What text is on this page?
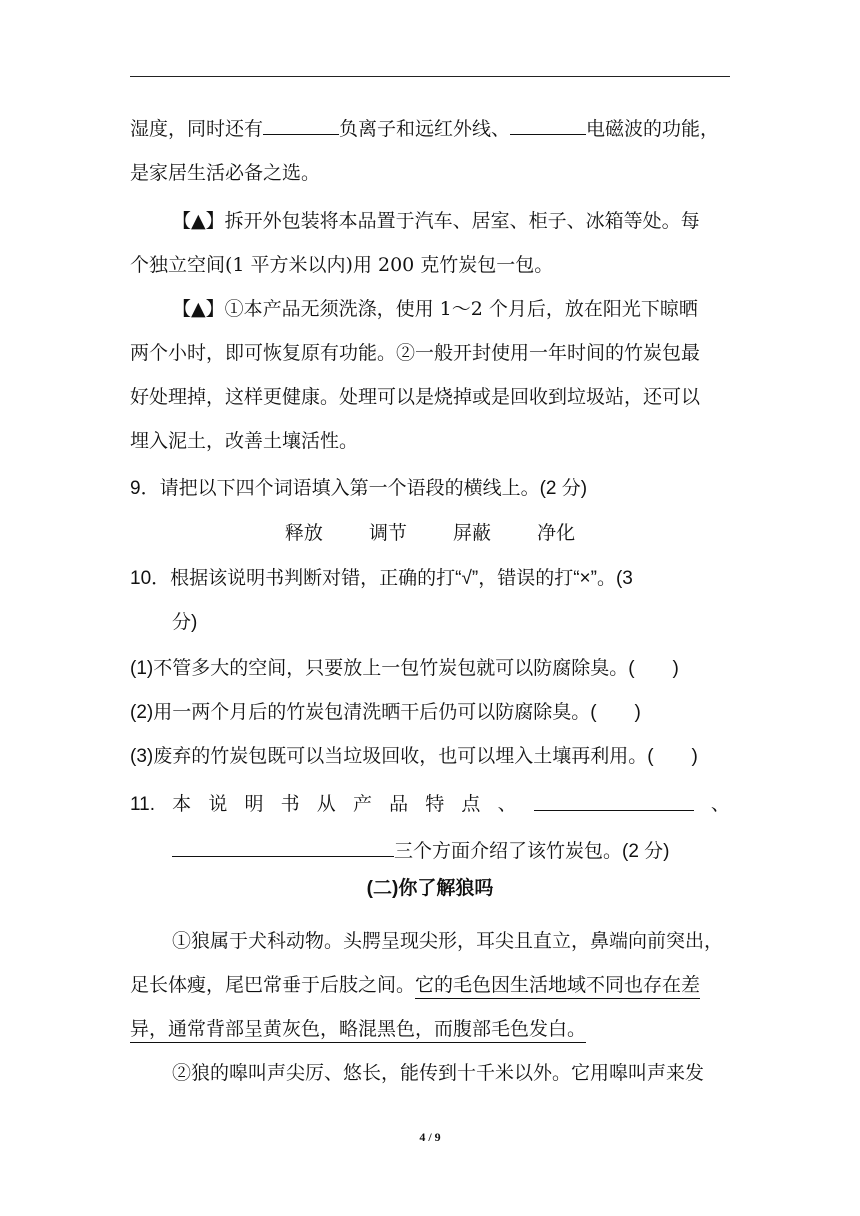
湿度，同时还有	负离子和远红外线、	电磁波的功能，
是家居生活必备之选。
【▲】拆开外包装将本品置于汽车、居室、柜子、冰箱等处。每
个独立空间(1 平方米以内)用 200 克竹炭包一包。
【▲】①本产品无须洗涤，使用 1～2 个月后，放在阳光下晾晒
两个小时，即可恢复原有功能。②一般开封使用一年时间的竹炭包最
好处理掉，这样更健康。处理可以是烧掉或是回收到垃圾站，还可以
埋入泥土，改善土壤活性。
9．请把以下四个词语填入第一个语段的横线上。(2 分)
释放 调节 屏蔽 净化
10．根据该说明书判断对错，正确的打“√”，错误的打“×”。(3
分)
(1)不管多大的空间，只要放上一包竹炭包就可以防腐除臭。(　　)
(2)用一两个月后的竹炭包清洗晒干后仍可以防腐除臭。(　　)
(3)废弃的竹炭包既可以当垃圾回收，也可以埋入土壤再利用。(　　)
11. 本 说 明 书 从 产 品 特 点 、	、
三个方面介绍了该竹炭包。(2 分)
(二)你了解狼吗
①狼属于犬科动物。头腭呈现尖形，耳尖且直立，鼻端向前突出，
足长体瘦，尾巴常垂于后肢之间。它的毛色因生活地域不同也存在差
异，通常背部呈黄灰色，略混黑色，而腹部毛色发白。
②狼的嗥叫声尖厉、悠长，能传到十千米以外。它用嗥叫声来发
4 / 9
